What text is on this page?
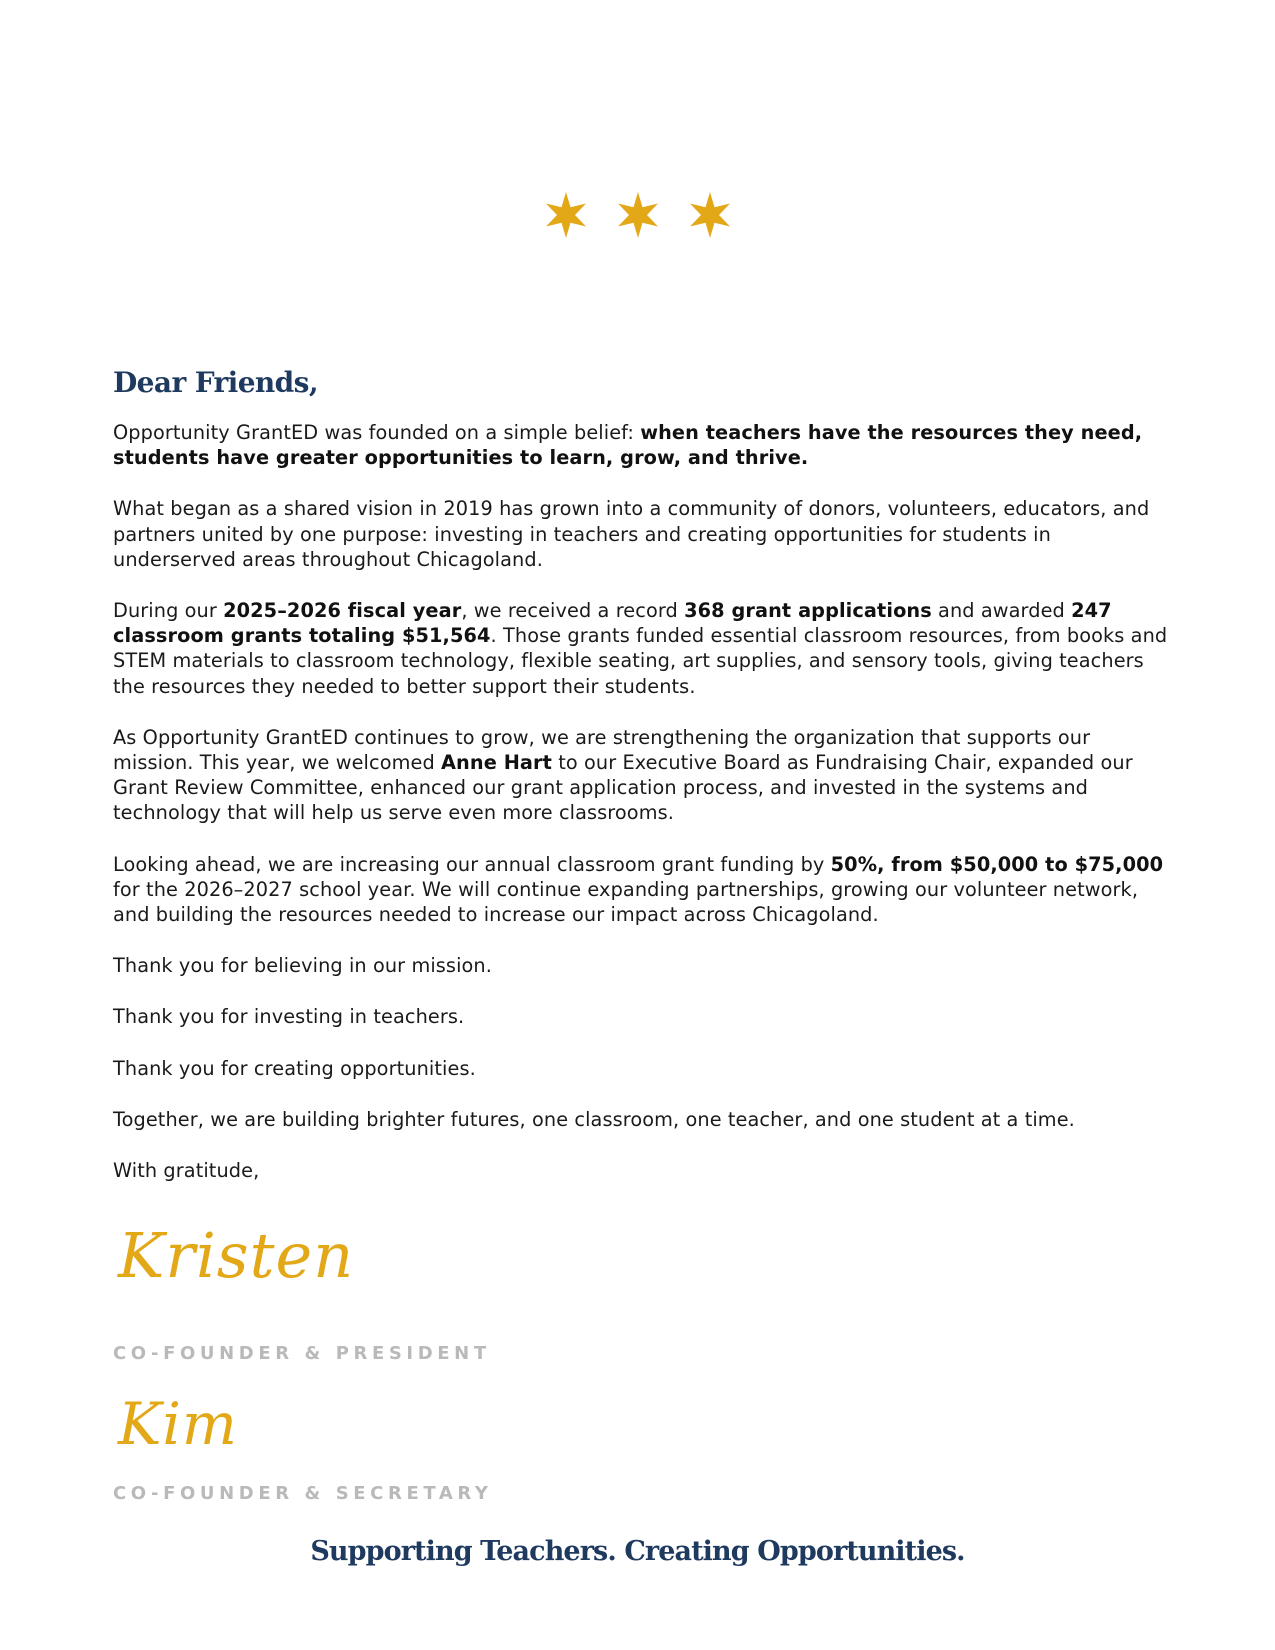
Dear Friends,

Opportunity GrantED was founded on a simple belief: when teachers have the resources they need, students have greater opportunities to learn, grow, and thrive.

What began as a shared vision in 2019 has grown into a community of donors, volunteers, educators, and partners united by one purpose: investing in teachers and creating opportunities for students in underserved areas throughout Chicagoland.

During our 2025–2026 fiscal year, we received a record 368 grant applications and awarded 247 classroom grants totaling $51,564. Those grants funded essential classroom resources, from books and STEM materials to classroom technology, flexible seating, art supplies, and sensory tools, giving teachers the resources they needed to better support their students.

As Opportunity GrantED continues to grow, we are strengthening the organization that supports our mission. This year, we welcomed Anne Hart to our Executive Board as Fundraising Chair, expanded our Grant Review Committee, enhanced our grant application process, and invested in the systems and technology that will help us serve even more classrooms.

Looking ahead, we are increasing our annual classroom grant funding by 50%, from $50,000 to $75,000 for the 2026–2027 school year. We will continue expanding partnerships, growing our volunteer network, and building the resources needed to increase our impact across Chicagoland.

Thank you for believing in our mission.

Thank you for investing in teachers.

Thank you for creating opportunities.

Together, we are building brighter futures, one classroom, one teacher, and one student at a time.

With gratitude,

Kristen
CO-FOUNDER & PRESIDENT
Kim
CO-FOUNDER & SECRETARY
Supporting Teachers. Creating Opportunities.
